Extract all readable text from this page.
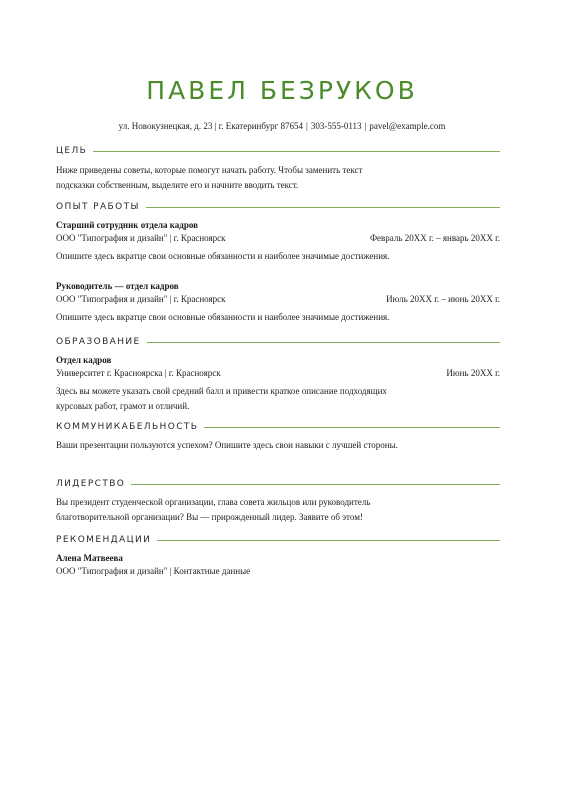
ПАВЕЛ БЕЗРУКОВ
ул. Новокузнецкая, д. 23 | г. Екатеринбург 87654 | 303-555-0113 | pavel@example.com
ЦЕЛЬ
Ниже приведены советы, которые помогут начать работу. Чтобы заменить текст подсказки собственным, выделите его и начните вводить текст.
ОПЫТ РАБОТЫ
Старший сотрудник отдела кадров
ООО "Типография и дизайн" | г. Красноярск	Февраль 20XX г. – январь 20XX г.
Опишите здесь вкратце свои основные обязанности и наиболее значимые достижения.
Руководитель — отдел кадров
ООО "Типография и дизайн" | г. Красноярск	Июль 20XX г. – июнь 20XX г.
Опишите здесь вкратце свои основные обязанности и наиболее значимые достижения.
ОБРАЗОВАНИЕ
Отдел кадров
Университет г. Красноярска | г. Красноярск	Июнь 20XX г.
Здесь вы можете указать свой средний балл и привести краткое описание подходящих курсовых работ, грамот и отличий.
КОММУНИКАБЕЛЬНОСТЬ
Ваши презентации пользуются успехом? Опишите здесь свои навыки с лучшей стороны.
ЛИДЕРСТВО
Вы президент студенческой организации, глава совета жильцов или руководитель благотворительной организации? Вы — прирожденный лидер. Заявите об этом!
РЕКОМЕНДАЦИИ
Алена Матвеева
ООО "Типография и дизайн" | Контактные данные
